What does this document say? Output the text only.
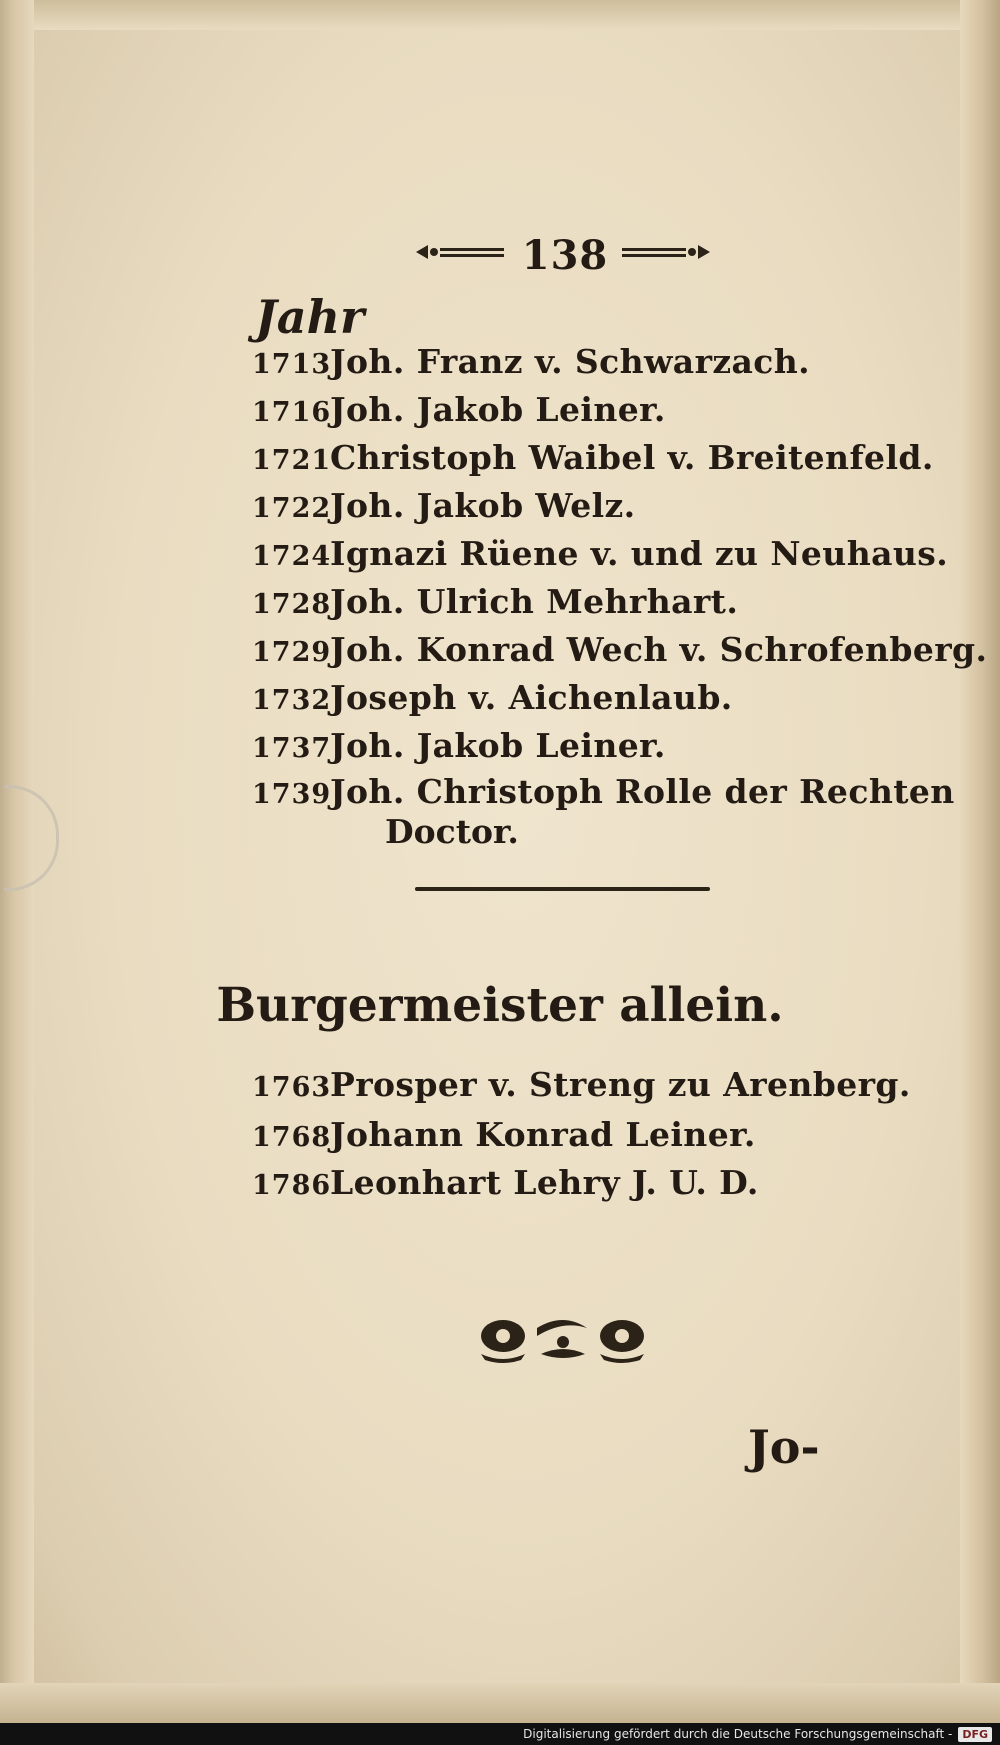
138
Jahr
1713Joh. Franz v. Schwarzach.
1716Joh. Jakob Leiner.
1721Christoph Waibel v. Breitenfeld.
1722Joh. Jakob Welz.
1724Ignazi Rüene v. und zu Neuhaus.
1728Joh. Ulrich Mehrhart.
1729Joh. Konrad Wech v. Schrofenberg.
1732Joseph v. Aichenlaub.
1737Joh. Jakob Leiner.
1739Joh. Christoph Rolle der Rechten
Doctor.
Burgermeister allein.
1763Prosper v. Streng zu Arenberg.
1768Johann Konrad Leiner.
1786Leonhart Lehry J. U. D.
Jo-
Digitalisierung gefördert durch die Deutsche Forschungsgemeinschaft - DFG
